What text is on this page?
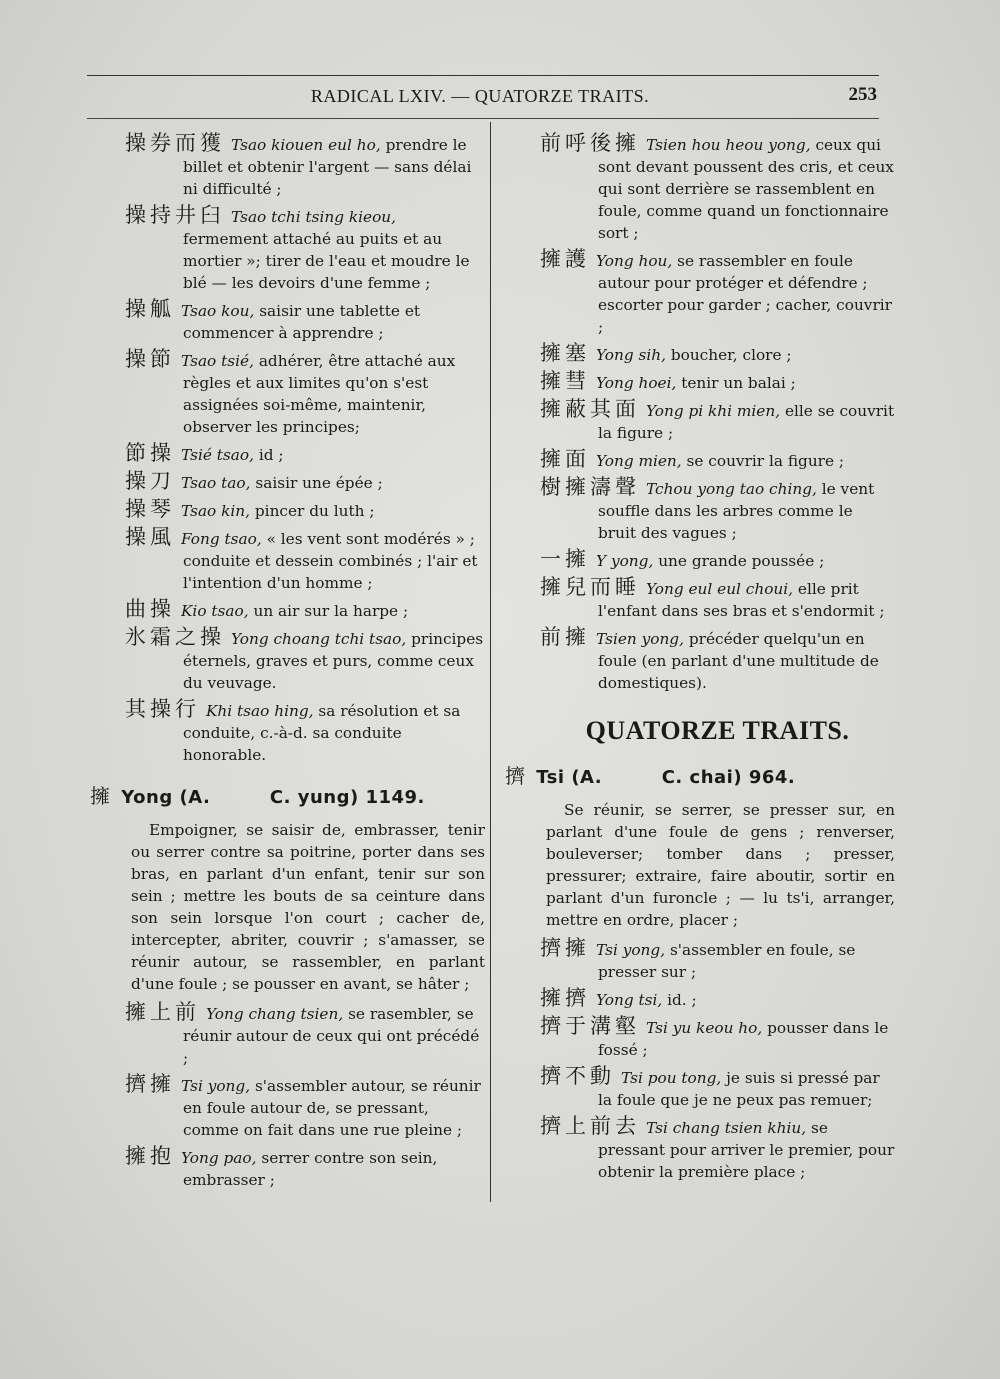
RADICAL LXIV. — QUATORZE TRAITS.	253
操券而獲 Tsao kiouen eul ho, prendre le billet et obtenir l'argent — sans délai ni difficulté ;
操持井臼 Tsao tchi tsing kieou, fermement attaché au puits et au mortier »; tirer de l'eau et moudre le blé — les devoirs d'une femme ;
操觚 Tsao kou, saisir une tablette et commencer à apprendre ;
操節 Tsao tsié, adhérer, être attaché aux règles et aux limites qu'on s'est assignées soi-même, maintenir, observer les principes;
節操 Tsié tsao, id ;
操刀 Tsao tao, saisir une épée ;
操琴 Tsao kin, pincer du luth ;
操風 Fong tsao, « les vent sont modérés » ; conduite et dessein combinés ; l'air et l'intention d'un homme ;
曲操 Kio tsao, un air sur la harpe ;
氷霜之操 Yong choang tchi tsao, principes éternels, graves et purs, comme ceux du veuvage.
其操行 Khi tsao hing, sa résolution et sa conduite, c.-à-d. sa conduite honorable.
擁 Yong (A.	C. yung) 1149.
Empoigner, se saisir de, embrasser, tenir ou serrer contre sa poitrine, porter dans ses bras, en parlant d'un enfant, tenir sur son sein ; mettre les bouts de sa ceinture dans son sein lorsque l'on court ; cacher de, intercepter, abriter, couvrir ; s'amasser, se réunir autour, se rassembler, en parlant d'une foule ; se pousser en avant, se hâter ;
擁上前 Yong chang tsien, se rasembler, se réunir autour de ceux qui ont précédé ;
擠擁 Tsi yong, s'assembler autour, se réunir en foule autour de, se pressant, comme on fait dans une rue pleine ;
擁抱 Yong pao, serrer contre son sein, embrasser ;
前呼後擁 Tsien hou heou yong, ceux qui sont devant poussent des cris, et ceux qui sont derrière se rassemblent en foule, comme quand un fonctionnaire sort ;
擁護 Yong hou, se rassembler en foule autour pour protéger et défendre ; escorter pour garder ; cacher, couvrir ;
擁塞 Yong sih, boucher, clore ;
擁彗 Yong hoei, tenir un balai ;
擁蔽其面 Yong pi khi mien, elle se couvrit la figure ;
擁面 Yong mien, se couvrir la figure ;
樹擁濤聲 Tchou yong tao ching, le vent souffle dans les arbres comme le bruit des vagues ;
一擁 Y yong, une grande poussée ;
擁兒而睡 Yong eul eul choui, elle prit l'enfant dans ses bras et s'endormit ;
前擁 Tsien yong, précéder quelqu'un en foule (en parlant d'une multitude de domestiques).
QUATORZE TRAITS.
擠 Tsi (A.	C. chai) 964.
Se réunir, se serrer, se presser sur, en parlant d'une foule de gens ; renverser, bouleverser; tomber dans ; presser, pressurer; extraire, faire aboutir, sortir en parlant d'un furoncle ; — lu ts'i, arranger, mettre en ordre, placer ;
擠擁 Tsi yong, s'assembler en foule, se presser sur ;
擁擠 Yong tsi, id. ;
擠于溝壑 Tsi yu keou ho, pousser dans le fossé ;
擠不動 Tsi pou tong, je suis si pressé par la foule que je ne peux pas remuer;
擠上前去 Tsi chang tsien khiu, se pressant pour arriver le premier, pour obtenir la première place ;
